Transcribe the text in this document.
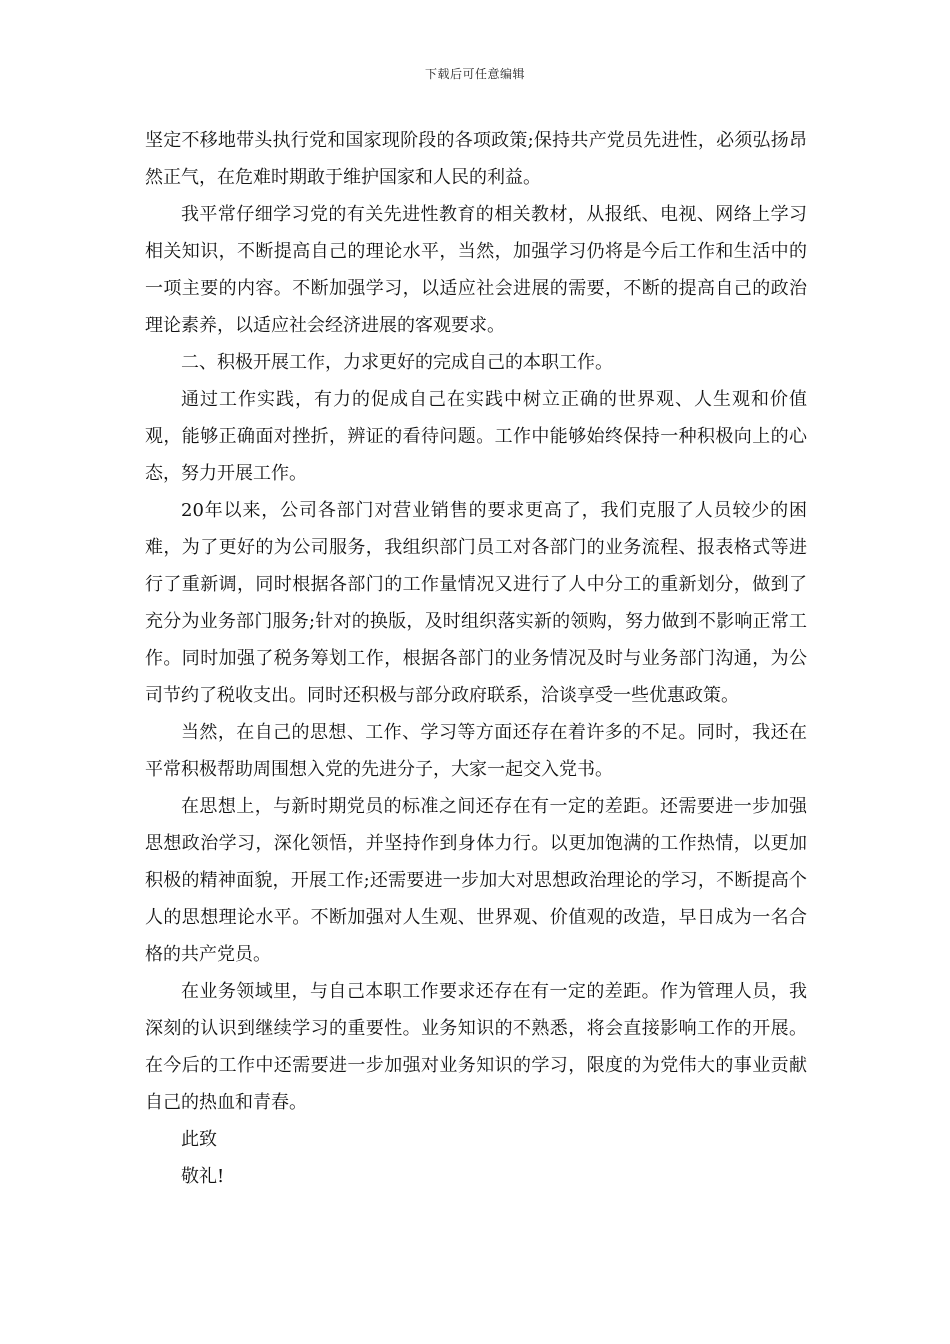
下载后可任意编辑

坚定不移地带头执行党和国家现阶段的各项政策;保持共产党员先进性，必须弘扬昂然正气，在危难时期敢于维护国家和人民的利益。

我平常仔细学习党的有关先进性教育的相关教材，从报纸、电视、网络上学习相关知识，不断提高自己的理论水平，当然，加强学习仍将是今后工作和生活中的一项主要的内容。不断加强学习，以适应社会进展的需要，不断的提高自己的政治理论素养，以适应社会经济进展的客观要求。

二、积极开展工作，力求更好的完成自己的本职工作。

通过工作实践，有力的促成自己在实践中树立正确的世界观、人生观和价值观，能够正确面对挫折，辨证的看待问题。工作中能够始终保持一种积极向上的心态，努力开展工作。

20年以来，公司各部门对营业销售的要求更高了，我们克服了人员较少的困难，为了更好的为公司服务，我组织部门员工对各部门的业务流程、报表格式等进行了重新调，同时根据各部门的工作量情况又进行了人中分工的重新划分，做到了充分为业务部门服务;针对的换版，及时组织落实新的领购，努力做到不影响正常工作。同时加强了税务筹划工作，根据各部门的业务情况及时与业务部门沟通，为公司节约了税收支出。同时还积极与部分政府联系，洽谈享受一些优惠政策。

当然，在自己的思想、工作、学习等方面还存在着许多的不足。同时，我还在平常积极帮助周围想入党的先进分子，大家一起交入党书。

在思想上，与新时期党员的标准之间还存在有一定的差距。还需要进一步加强思想政治学习，深化领悟，并坚持作到身体力行。以更加饱满的工作热情，以更加积极的精神面貌，开展工作;还需要进一步加大对思想政治理论的学习，不断提高个人的思想理论水平。不断加强对人生观、世界观、价值观的改造，早日成为一名合格的共产党员。

在业务领域里，与自己本职工作要求还存在有一定的差距。作为管理人员，我深刻的认识到继续学习的重要性。业务知识的不熟悉，将会直接影响工作的开展。在今后的工作中还需要进一步加强对业务知识的学习，限度的为党伟大的事业贡献自己的热血和青春。

此致

敬礼!
